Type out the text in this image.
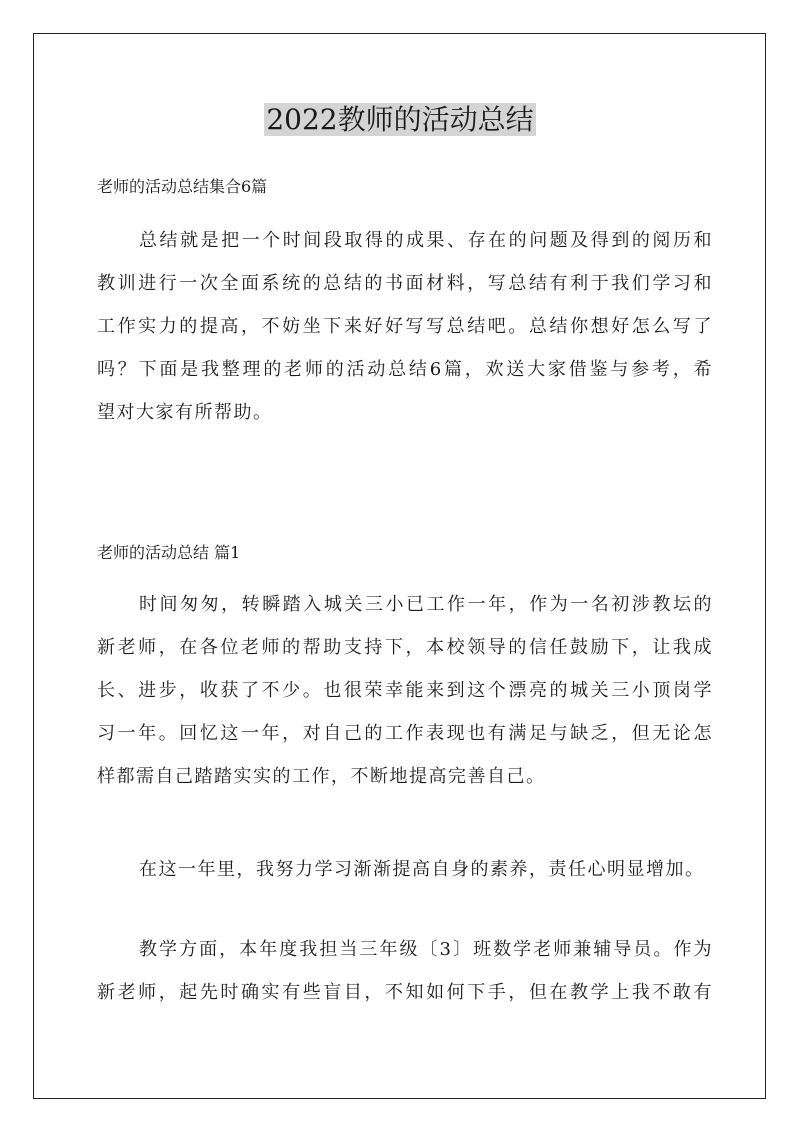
2022教师的活动总结

老师的活动总结集合6篇

总结就是把一个时间段取得的成果、存在的问题及得到的阅历和
教训进行一次全面系统的总结的书面材料，写总结有利于我们学习和
工作实力的提高，不妨坐下来好好写写总结吧。总结你想好怎么写了
吗？下面是我整理的老师的活动总结6篇，欢送大家借鉴与参考，希
望对大家有所帮助。

老师的活动总结 篇1

时间匆匆，转瞬踏入城关三小已工作一年，作为一名初涉教坛的
新老师，在各位老师的帮助支持下，本校领导的信任鼓励下，让我成
长、进步，收获了不少。也很荣幸能来到这个漂亮的城关三小顶岗学
习一年。回忆这一年，对自己的工作表现也有满足与缺乏，但无论怎
样都需自己踏踏实实的工作，不断地提高完善自己。
在这一年里，我努力学习渐渐提高自身的素养，责任心明显增加。
教学方面，本年度我担当三年级〔3〕班数学老师兼辅导员。作为
新老师，起先时确实有些盲目，不知如何下手，但在教学上我不敢有
